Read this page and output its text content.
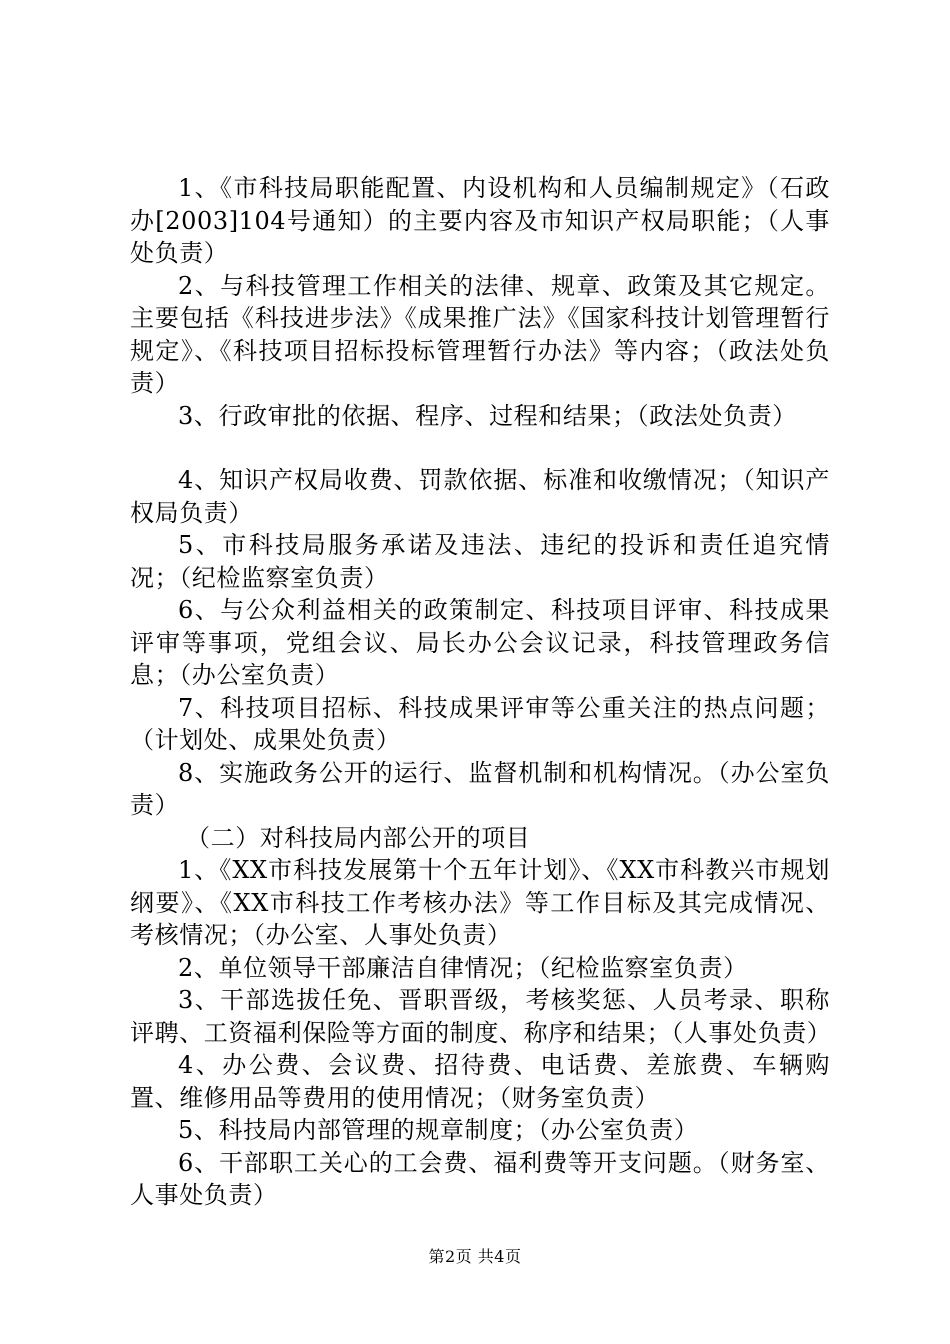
1、《市科技局职能配置、内设机构和人员编制规定》（石政办[2003]104号通知）的主要内容及市知识产权局职能；（人事处负责）

2、与科技管理工作相关的法律、规章、政策及其它规定。主要包括《科技进步法》《成果推广法》《国家科技计划管理暂行规定》、《科技项目招标投标管理暂行办法》等内容；（政法处负责）

3、行政审批的依据、程序、过程和结果；（政法处负责）

4、知识产权局收费、罚款依据、标准和收缴情况；（知识产权局负责）

5、市科技局服务承诺及违法、违纪的投诉和责任追究情况；（纪检监察室负责）

6、与公众利益相关的政策制定、科技项目评审、科技成果评审等事项，党组会议、局长办公会议记录，科技管理政务信息；（办公室负责）

7、科技项目招标、科技成果评审等公重关注的热点问题；（计划处、成果处负责）

8、实施政务公开的运行、监督机制和机构情况。（办公室负责）

（二）对科技局内部公开的项目

1、《XX市科技发展第十个五年计划》、《XX市科教兴市规划纲要》、《XX市科技工作考核办法》等工作目标及其完成情况、考核情况；（办公室、人事处负责）

2、单位领导干部廉洁自律情况；（纪检监察室负责）

3、干部选拔任免、晋职晋级，考核奖惩、人员考录、职称评聘、工资福利保险等方面的制度、称序和结果；（人事处负责）

4、办公费、会议费、招待费、电话费、差旅费、车辆购置、维修用品等费用的使用情况；（财务室负责）

5、科技局内部管理的规章制度；（办公室负责）

6、干部职工关心的工会费、福利费等开支问题。（财务室、人事处负责）

第2页 共4页
